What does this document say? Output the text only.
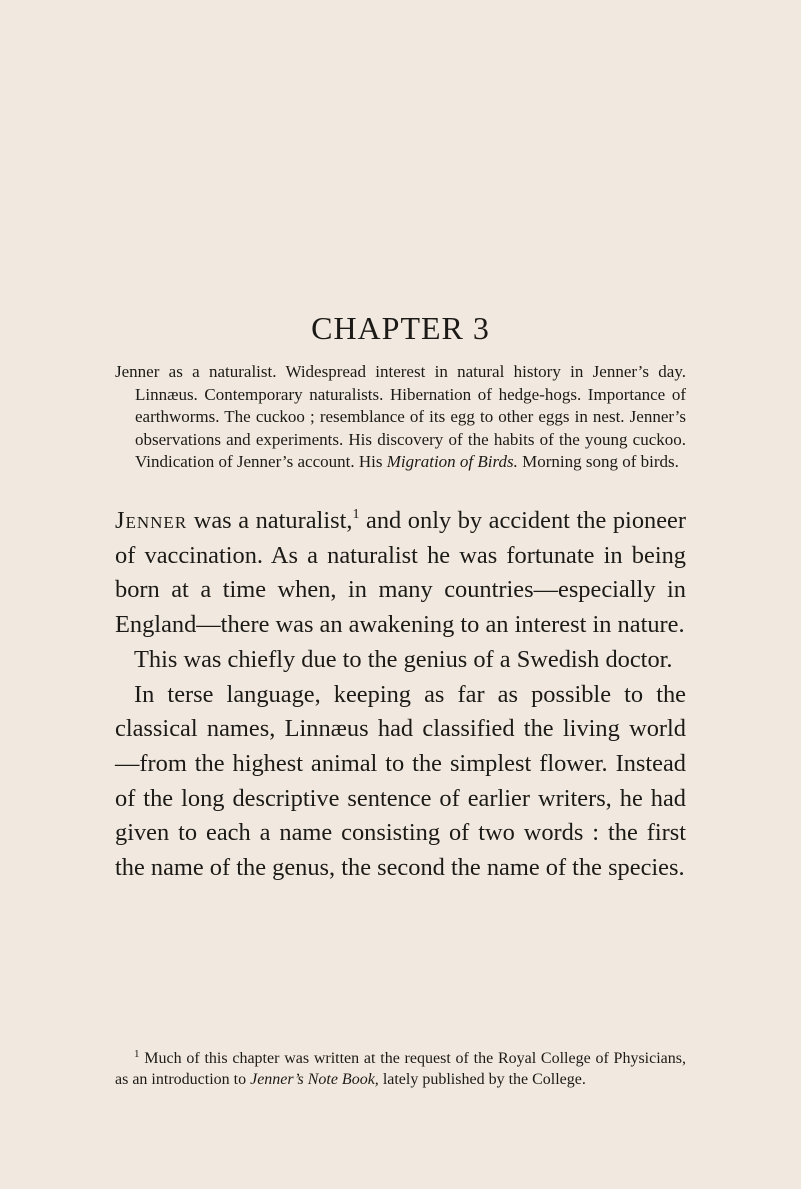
CHAPTER 3

Jenner as a naturalist. Widespread interest in natural history in Jenner’s day. Linnæus. Contemporary naturalists. Hibernation of hedge-hogs. Importance of earthworms. The cuckoo ; resemblance of its egg to other eggs in nest. Jenner’s observations and experiments. His discovery of the habits of the young cuckoo. Vindication of Jenner’s account. His Migration of Birds. Morning song of birds.

Jenner was a naturalist,$^1$ and only by accident the pioneer of vaccination. As a naturalist he was fortunate in being born at a time when, in many countries—especially in England—there was an awakening to an interest in nature.

This was chiefly due to the genius of a Swedish doctor.

In terse language, keeping as far as possible to the classical names, Linnæus had classified the living world—from the highest animal to the simplest flower. Instead of the long descriptive sentence of earlier writers, he had given to each a name consisting of two words : the first the name of the genus, the second the name of the species.

$^1$ Much of this chapter was written at the request of the Royal College of Physicians, as an introduction to Jenner’s Note Book, lately published by the College.
